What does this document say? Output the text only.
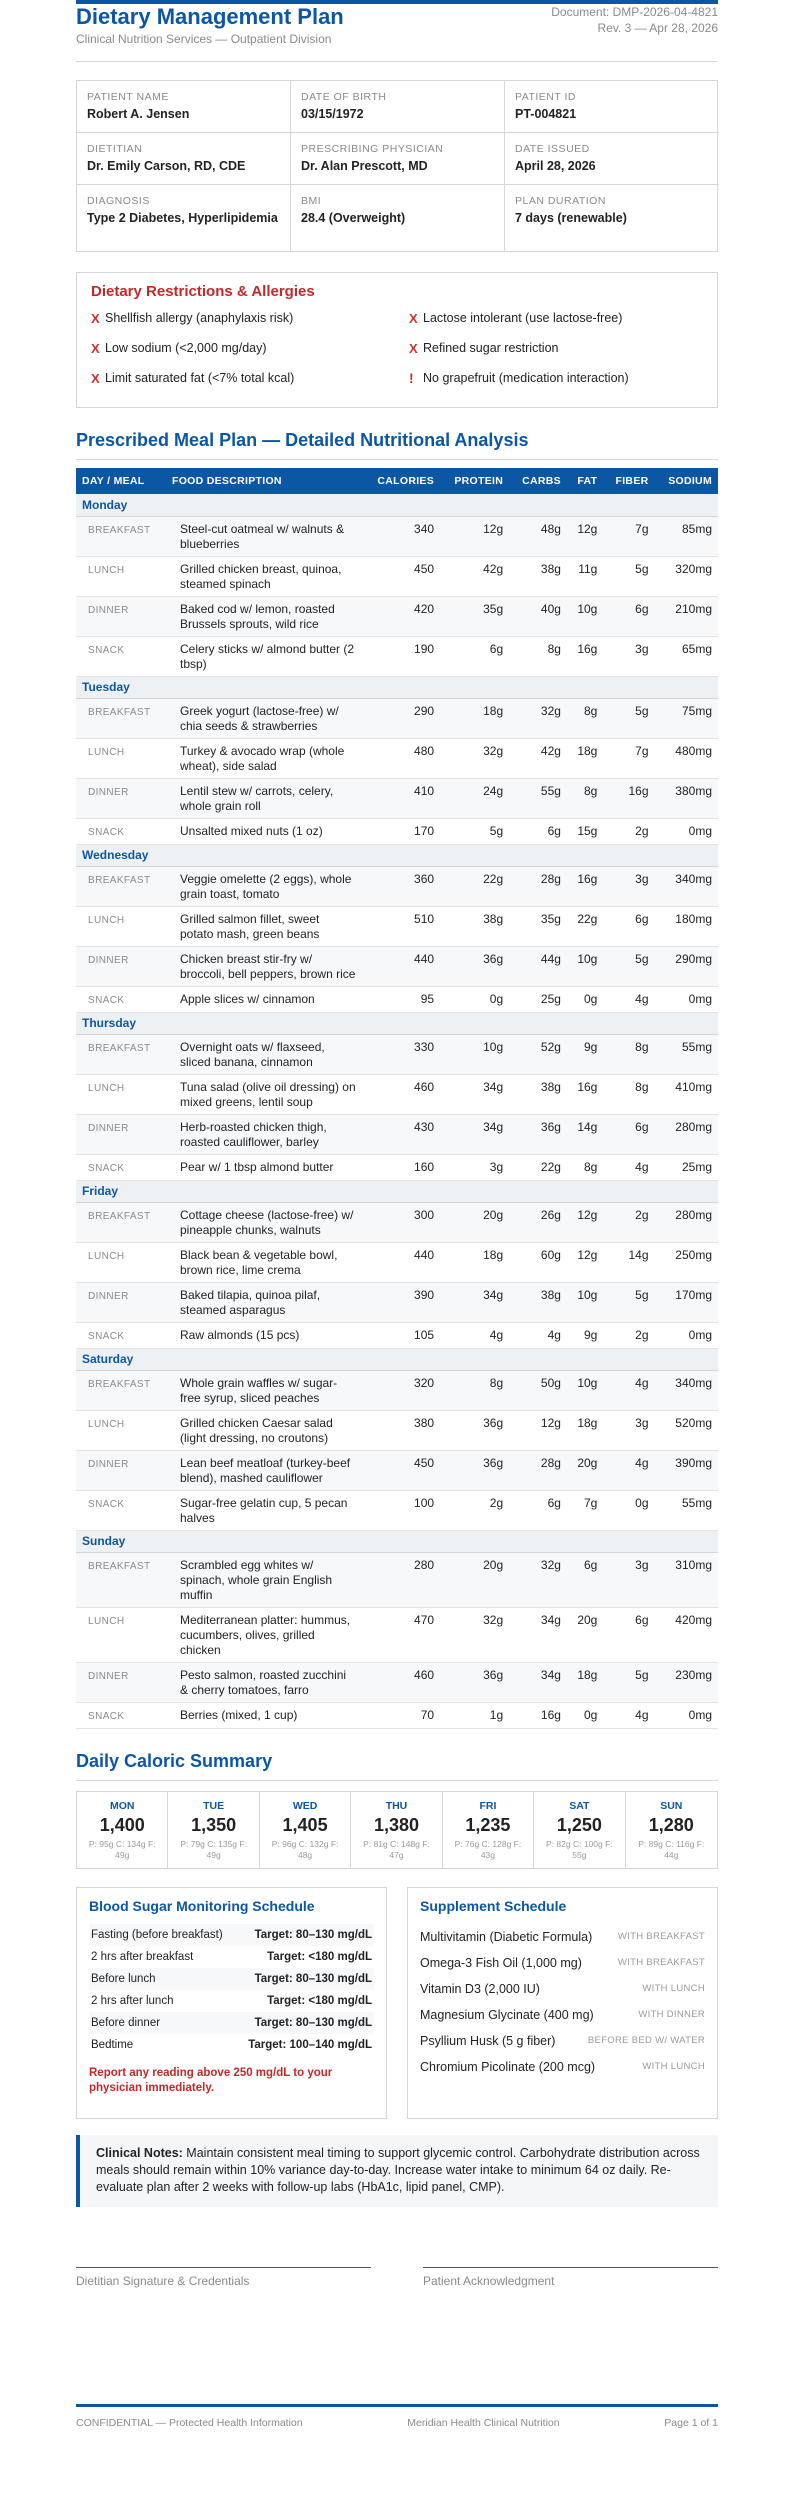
Dietary Management Plan
Clinical Nutrition Services — Outpatient Division
Document: DMP-2026-04-4821
Rev. 3 — Apr 28, 2026
PATIENT NAME
Robert A. Jensen
DATE OF BIRTH
03/15/1972
PATIENT ID
PT-004821
DIETITIAN
Dr. Emily Carson, RD, CDE
PRESCRIBING PHYSICIAN
Dr. Alan Prescott, MD
DATE ISSUED
April 28, 2026
DIAGNOSIS
Type 2 Diabetes, Hyperlipidemia
BMI
28.4 (Overweight)
PLAN DURATION
7 days (renewable)
Dietary Restrictions & Allergies
X Shellfish allergy (anaphylaxis risk)	X Lactose intolerant (use lactose-free)
X Low sodium (<2,000 mg/day)	X Refined sugar restriction
X Limit saturated fat (<7% total kcal)	! No grapefruit (medication interaction)
Prescribed Meal Plan — Detailed Nutritional Analysis
DAY / MEAL	FOOD DESCRIPTION	CALORIES	PROTEIN	CARBS	FAT	FIBER	SODIUM
Monday							
BREAKFAST	Steel-cut oatmeal w/ walnuts & blueberries	340	12g	48g	12g	7g	85mg
LUNCH	Grilled chicken breast, quinoa, steamed spinach	450	42g	38g	11g	5g	320mg
DINNER	Baked cod w/ lemon, roasted Brussels sprouts, wild rice	420	35g	40g	10g	6g	210mg
SNACK	Celery sticks w/ almond butter (2 tbsp)	190	6g	8g	16g	3g	65mg
Tuesday							
BREAKFAST	Greek yogurt (lactose-free) w/ chia seeds & strawberries	290	18g	32g	8g	5g	75mg
LUNCH	Turkey & avocado wrap (whole wheat), side salad	480	32g	42g	18g	7g	480mg
DINNER	Lentil stew w/ carrots, celery, whole grain roll	410	24g	55g	8g	16g	380mg
SNACK	Unsalted mixed nuts (1 oz)	170	5g	6g	15g	2g	0mg
Wednesday							
BREAKFAST	Veggie omelette (2 eggs), whole grain toast, tomato	360	22g	28g	16g	3g	340mg
LUNCH	Grilled salmon fillet, sweet potato mash, green beans	510	38g	35g	22g	6g	180mg
DINNER	Chicken breast stir-fry w/ broccoli, bell peppers, brown rice	440	36g	44g	10g	5g	290mg
SNACK	Apple slices w/ cinnamon	95	0g	25g	0g	4g	0mg
Thursday							
BREAKFAST	Overnight oats w/ flaxseed, sliced banana, cinnamon	330	10g	52g	9g	8g	55mg
LUNCH	Tuna salad (olive oil dressing) on mixed greens, lentil soup	460	34g	38g	16g	8g	410mg
DINNER	Herb-roasted chicken thigh, roasted cauliflower, barley	430	34g	36g	14g	6g	280mg
SNACK	Pear w/ 1 tbsp almond butter	160	3g	22g	8g	4g	25mg
Friday							
BREAKFAST	Cottage cheese (lactose-free) w/ pineapple chunks, walnuts	300	20g	26g	12g	2g	280mg
LUNCH	Black bean & vegetable bowl, brown rice, lime crema	440	18g	60g	12g	14g	250mg
DINNER	Baked tilapia, quinoa pilaf, steamed asparagus	390	34g	38g	10g	5g	170mg
SNACK	Raw almonds (15 pcs)	105	4g	4g	9g	2g	0mg
Saturday							
BREAKFAST	Whole grain waffles w/ sugar-free syrup, sliced peaches	320	8g	50g	10g	4g	340mg
LUNCH	Grilled chicken Caesar salad (light dressing, no croutons)	380	36g	12g	18g	3g	520mg
DINNER	Lean beef meatloaf (turkey-beef blend), mashed cauliflower	450	36g	28g	20g	4g	390mg
SNACK	Sugar-free gelatin cup, 5 pecan halves	100	2g	6g	7g	0g	55mg
Sunday							
BREAKFAST	Scrambled egg whites w/ spinach, whole grain English muffin	280	20g	32g	6g	3g	310mg
LUNCH	Mediterranean platter: hummus, cucumbers, olives, grilled chicken	470	32g	34g	20g	6g	420mg
DINNER	Pesto salmon, roasted zucchini & cherry tomatoes, farro	460	36g	34g	18g	5g	230mg
SNACK	Berries (mixed, 1 cup)	70	1g	16g	0g	4g	0mg
Daily Caloric Summary
MON
1,400
P: 95g C: 134g F: 49g
TUE
1,350
P: 79g C: 135g F: 49g
WED
1,405
P: 96g C: 132g F: 48g
THU
1,380
P: 81g C: 148g F: 47g
FRI
1,235
P: 76g C: 128g F: 43g
SAT
1,250
P: 82g C: 100g F: 55g
SUN
1,280
P: 89g C: 116g F: 44g
Blood Sugar Monitoring Schedule
Fasting (before breakfast)	Target: 80–130 mg/dL
2 hrs after breakfast	Target: <180 mg/dL
Before lunch	Target: 80–130 mg/dL
2 hrs after lunch	Target: <180 mg/dL
Before dinner	Target: 80–130 mg/dL
Bedtime	Target: 100–140 mg/dL
Report any reading above 250 mg/dL to your physician immediately.
Supplement Schedule
Multivitamin (Diabetic Formula)	WITH BREAKFAST
Omega-3 Fish Oil (1,000 mg)	WITH BREAKFAST
Vitamin D3 (2,000 IU)	WITH LUNCH
Magnesium Glycinate (400 mg)	WITH DINNER
Psyllium Husk (5 g fiber)	BEFORE BED W/ WATER
Chromium Picolinate (200 mcg)	WITH LUNCH
Clinical Notes: Maintain consistent meal timing to support glycemic control. Carbohydrate distribution across meals should remain within 10% variance day-to-day. Increase water intake to minimum 64 oz daily. Re-evaluate plan after 2 weeks with follow-up labs (HbA1c, lipid panel, CMP).
Dietitian Signature & Credentials	Patient Acknowledgment
CONFIDENTIAL — Protected Health Information	Meridian Health Clinical Nutrition	Page 1 of 1
